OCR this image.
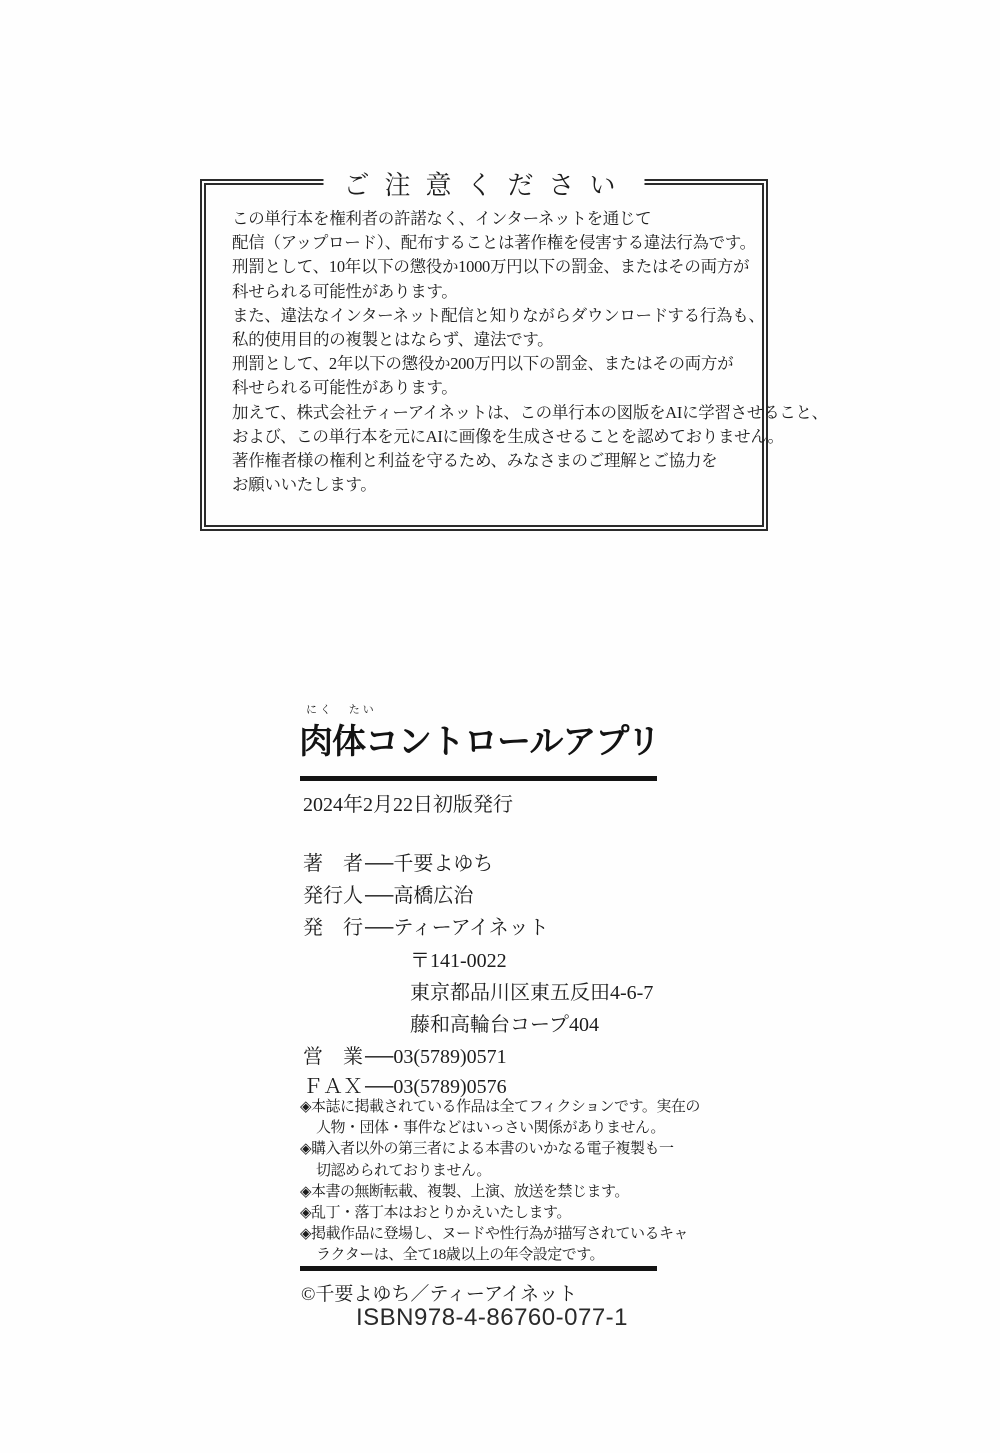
ご注意ください
この単行本を権利者の許諾なく、インターネットを通じて
配信（アップロード）、配布することは著作権を侵害する違法行為です。
刑罰として、10年以下の懲役か1000万円以下の罰金、またはその両方が
科せられる可能性があります。
また、違法なインターネット配信と知りながらダウンロードする行為も、
私的使用目的の複製とはならず、違法です。
刑罰として、2年以下の懲役か200万円以下の罰金、またはその両方が
科せられる可能性があります。
加えて、株式会社ティーアイネットは、この単行本の図版をAIに学習させること、
および、この単行本を元にAIに画像を生成させることを認めておりません。
著作権者様の権利と利益を守るため、みなさまのご理解とご協力を
お願いいたします。
にく たい
肉体コントロールアプリ
2024年2月22日初版発行
著　者 ──千要よゆち
発行人 ──高橋広治
発　行 ──ティーアイネット
〒141-0022
東京都品川区東五反田4-6-7
藤和高輪台コープ404
営　業 ──03(5789)0571
ＦＡＸ ──03(5789)0576
◈本誌に掲載されている作品は全てフィクションです。実在の
人物・団体・事件などはいっさい関係がありません。
◈購入者以外の第三者による本書のいかなる電子複製も一
切認められておりません。
◈本書の無断転載、複製、上演、放送を禁じます。
◈乱丁・落丁本はおとりかえいたします。
◈掲載作品に登場し、ヌードや性行為が描写されているキャ
ラクターは、全て18歳以上の年令設定です。
©千要よゆち／ティーアイネット
ISBN978-4-86760-077-1
